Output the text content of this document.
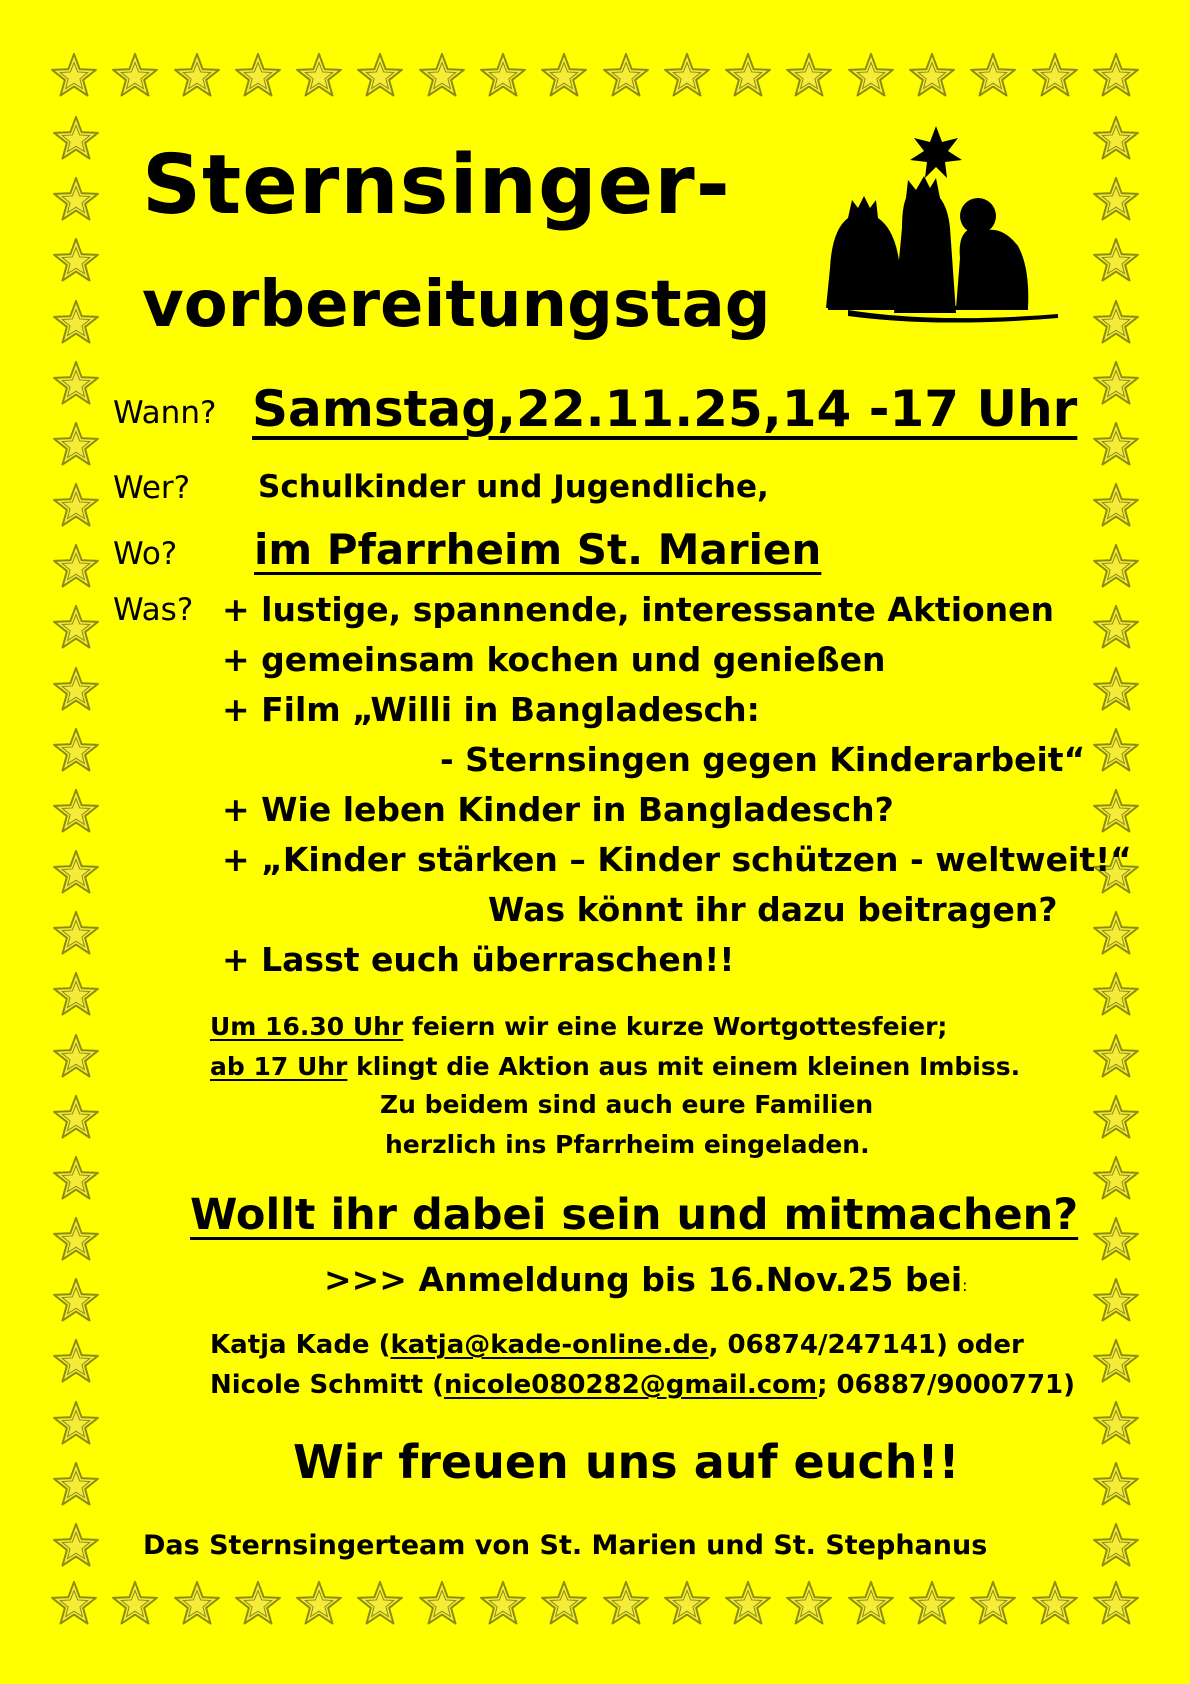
Sternsinger-
vorbereitungstag
Wann? Samstag,22.11.25,14 -17 Uhr
Wer? Schulkinder und Jugendliche,
Wo? im Pfarrheim St. Marien
Was? + lustige, spannende, interessante Aktionen
+ gemeinsam kochen und genießen
+ Film „Willi in Bangladesch:
- Sternsingen gegen Kinderarbeit“
+ Wie leben Kinder in Bangladesch?
+ „Kinder stärken – Kinder schützen - weltweit!“
Was könnt ihr dazu beitragen?
+ Lasst euch überraschen!!
Um 16.30 Uhr feiern wir eine kurze Wortgottesfeier;
ab 17 Uhr klingt die Aktion aus mit einem kleinen Imbiss.
Zu beidem sind auch eure Familien
herzlich ins Pfarrheim eingeladen.
Wollt ihr dabei sein und mitmachen?
>>> Anmeldung bis 16.Nov.25 bei:
Katja Kade (katja@kade-online.de, 06874/247141) oder
Nicole Schmitt (nicole080282@gmail.com; 06887/9000771)
Wir freuen uns auf euch!!
Das Sternsingerteam von St. Marien und St. Stephanus
